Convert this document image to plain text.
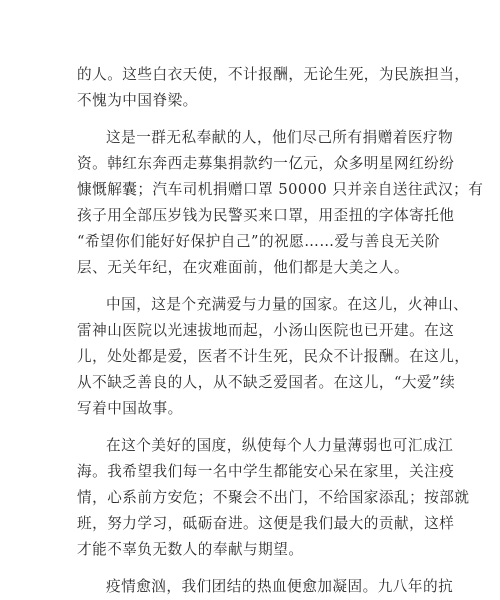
的人。这些白衣天使，不计报酬，无论生死，为民族担当，
不愧为中国脊梁。
这是一群无私奉献的人，他们尽己所有捐赠着医疗物
资。韩红东奔西走募集捐款约一亿元，众多明星网红纷纷
慷慨解囊；汽车司机捐赠口罩 50000 只并亲自送往武汉；有
孩子用全部压岁钱为民警买来口罩，用歪扭的字体寄托他
“希望你们能好好保护自己”的祝愿……爱与善良无关阶
层、无关年纪，在灾难面前，他们都是大美之人。
中国，这是个充满爱与力量的国家。在这儿，火神山、
雷神山医院以光速拔地而起，小汤山医院也已开建。在这
儿，处处都是爱，医者不计生死，民众不计报酬。在这儿，
从不缺乏善良的人，从不缺乏爱国者。在这儿，“大爱”续
写着中国故事。
在这个美好的国度，纵使每个人力量薄弱也可汇成江
海。我希望我们每一名中学生都能安心呆在家里，关注疫
情，心系前方安危；不聚会不出门，不给国家添乱；按部就
班，努力学习，砥砺奋进。这便是我们最大的贡献，这样
才能不辜负无数人的奉献与期望。
疫情愈汹，我们团结的热血便愈加凝固。九八年的抗
